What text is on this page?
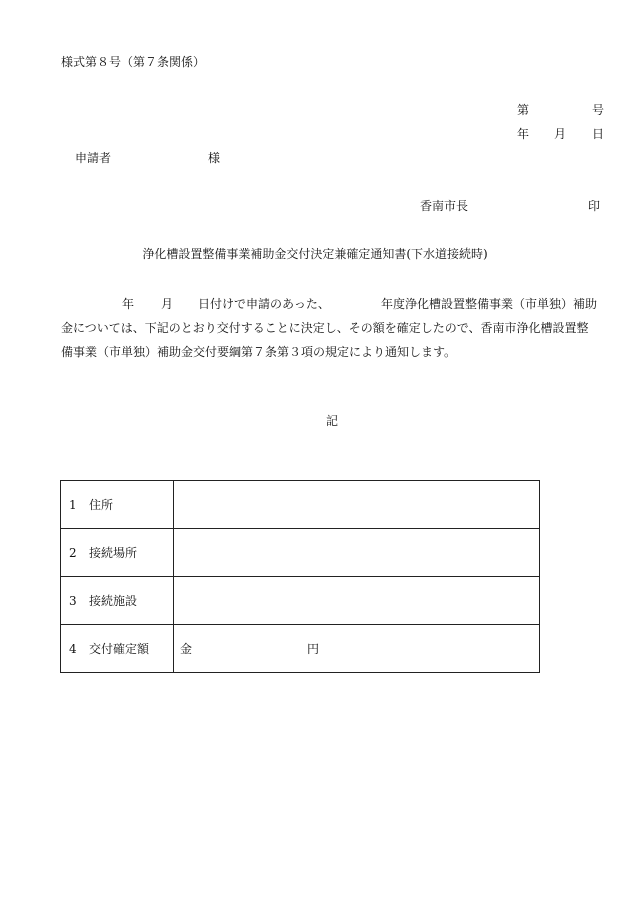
様式第８号（第７条関係）
第	号
年 月 日
申請者	様
香南市長	印
浄化槽設置整備事業補助金交付決定兼確定通知書(下水道接続時)
年 月 日付けで申請のあった、	年度浄化槽設置整備事業（市単独）補助
金については、下記のとおり交付することに決定し、その額を確定したので、香南市浄化槽設置整
備事業（市単独）補助金交付要綱第７条第３項の規定により通知します。
記
1 住所	
2 接続場所	
3 接続施設	
4 交付確定額	金 円
